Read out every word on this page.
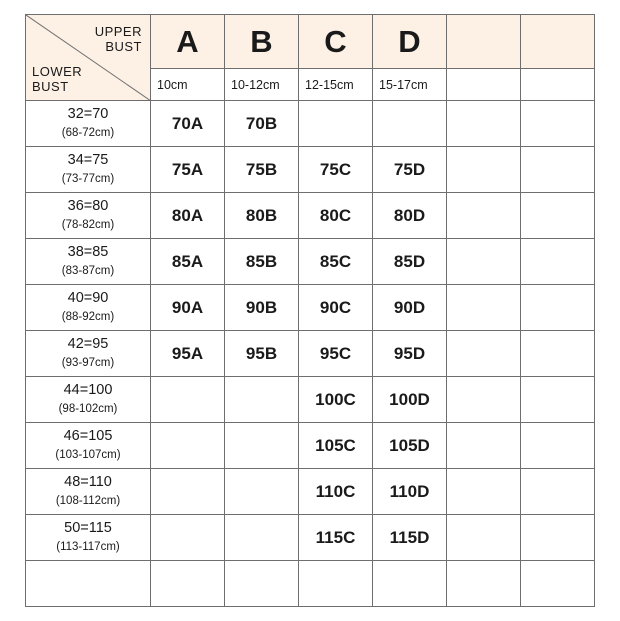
UPPER
BUST
LOWER
BUST	A	B	C	D		
	10cm	10-12cm	12-15cm	15-17cm		

32=70
(68-72cm)	70A	70B				

34=75
(73-77cm)	75A	75B	75C	75D		

36=80
(78-82cm)	80A	80B	80C	80D		

38=85
(83-87cm)	85A	85B	85C	85D		

40=90
(88-92cm)	90A	90B	90C	90D		

42=95
(93-97cm)	95A	95B	95C	95D		

44=100
(98-102cm)			100C	100D		

46=105
(103-107cm)			105C	105D		

48=110
(108-112cm)			110C	110D		

50=115
(113-117cm)			115C	115D		
